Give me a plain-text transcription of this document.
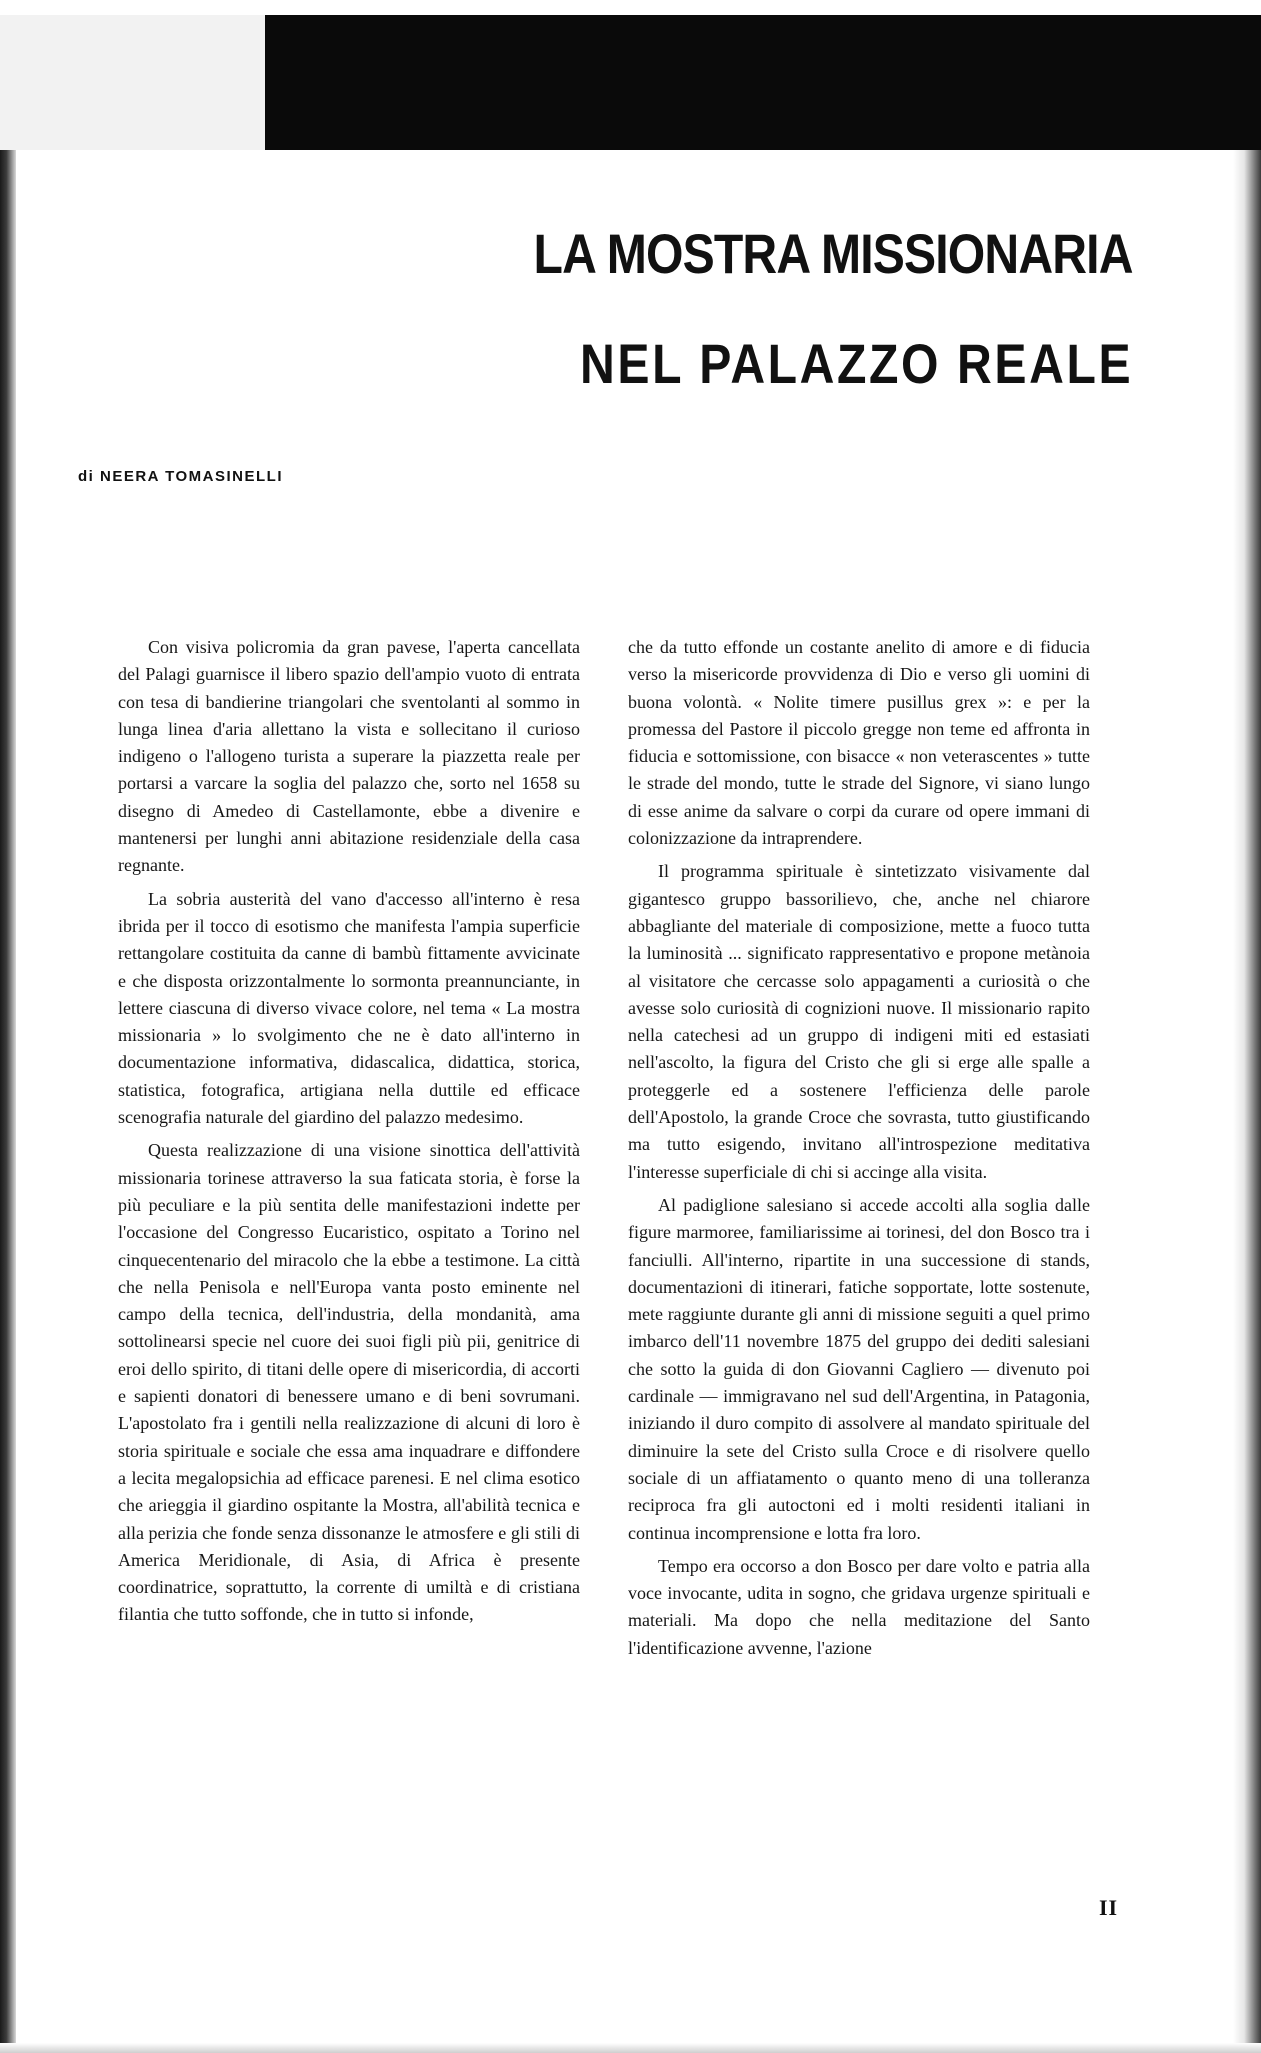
LA MOSTRA MISSIONARIA
NEL PALAZZO REALE
di NEERA TOMASINELLI

Con visiva policromia da gran pavese, l'aperta cancellata del Palagi guarnisce il libero spazio dell'ampio vuoto di entrata con tesa di bandierine triangolari che sventolanti al sommo in lunga linea d'aria allettano la vista e sollecitano il curioso indigeno o l'allogeno turista a superare la piazzetta reale per portarsi a varcare la soglia del palazzo che, sorto nel 1658 su disegno di Amedeo di Castellamonte, ebbe a divenire e mantenersi per lunghi anni abitazione residenziale della casa regnante.

La sobria austerità del vano d'accesso all'interno è resa ibrida per il tocco di esotismo che manifesta l'ampia superficie rettangolare costituita da canne di bambù fittamente avvicinate e che disposta orizzontalmente lo sormonta preannunciante, in lettere ciascuna di diverso vivace colore, nel tema « La mostra missionaria » lo svolgimento che ne è dato all'interno in documentazione informativa, didascalica, didattica, storica, statistica, fotografica, artigiana nella duttile ed efficace scenografia naturale del giardino del palazzo medesimo.

Questa realizzazione di una visione sinottica dell'attività missionaria torinese attraverso la sua faticata storia, è forse la più peculiare e la più sentita delle manifestazioni indette per l'occasione del Congresso Eucaristico, ospitato a Torino nel cinquecentenario del miracolo che la ebbe a testimone. La città che nella Penisola e nell'Europa vanta posto eminente nel campo della tecnica, dell'industria, della mondanità, ama sottolinearsi specie nel cuore dei suoi figli più pii, genitrice di eroi dello spirito, di titani delle opere di misericordia, di accorti e sapienti donatori di benessere umano e di beni sovrumani. L'apostolato fra i gentili nella realizzazione di alcuni di loro è storia spirituale e sociale che essa ama inquadrare e diffondere a lecita megalopsichia ad efficace parenesi. E nel clima esotico che arieggia il giardino ospitante la Mostra, all'abilità tecnica e alla perizia che fonde senza dissonanze le atmosfere e gli stili di America Meridionale, di Asia, di Africa è presente coordinatrice, soprattutto, la corrente di umiltà e di cristiana filantia che tutto soffonde, che in tutto si infonde,

che da tutto effonde un costante anelito di amore e di fiducia verso la misericorde provvidenza di Dio e verso gli uomini di buona volontà. « Nolite timere pusillus grex »: e per la promessa del Pastore il piccolo gregge non teme ed affronta in fiducia e sottomissione, con bisacce « non veterascentes » tutte le strade del mondo, tutte le strade del Signore, vi siano lungo di esse anime da salvare o corpi da curare od opere immani di colonizzazione da intraprendere.

Il programma spirituale è sintetizzato visivamente dal gigantesco gruppo bassorilievo, che, anche nel chiarore abbagliante del materiale di composizione, mette a fuoco tutta la luminosità ... significato rappresentativo e propone metànoia al visitatore che cercasse solo appagamenti a curiosità o che avesse solo curiosità di cognizioni nuove. Il missionario rapito nella catechesi ad un gruppo di indigeni miti ed estasiati nell'ascolto, la figura del Cristo che gli si erge alle spalle a proteggerle ed a sostenere l'efficienza delle parole dell'Apostolo, la grande Croce che sovrasta, tutto giustificando ma tutto esigendo, invitano all'introspezione meditativa l'interesse superficiale di chi si accinge alla visita.

Al padiglione salesiano si accede accolti alla soglia dalle figure marmoree, familiarissime ai torinesi, del don Bosco tra i fanciulli. All'interno, ripartite in una successione di stands, documentazioni di itinerari, fatiche sopportate, lotte sostenute, mete raggiunte durante gli anni di missione seguiti a quel primo imbarco dell'11 novembre 1875 del gruppo dei dediti salesiani che sotto la guida di don Giovanni Cagliero — divenuto poi cardinale — immigravano nel sud dell'Argentina, in Patagonia, iniziando il duro compito di assolvere al mandato spirituale del diminuire la sete del Cristo sulla Croce e di risolvere quello sociale di un affiatamento o quanto meno di una tolleranza reciproca fra gli autoctoni ed i molti residenti italiani in continua incomprensione e lotta fra loro.

Tempo era occorso a don Bosco per dare volto e patria alla voce invocante, udita in sogno, che gridava urgenze spirituali e materiali. Ma dopo che nella meditazione del Santo l'identificazione avvenne, l'azione

II
